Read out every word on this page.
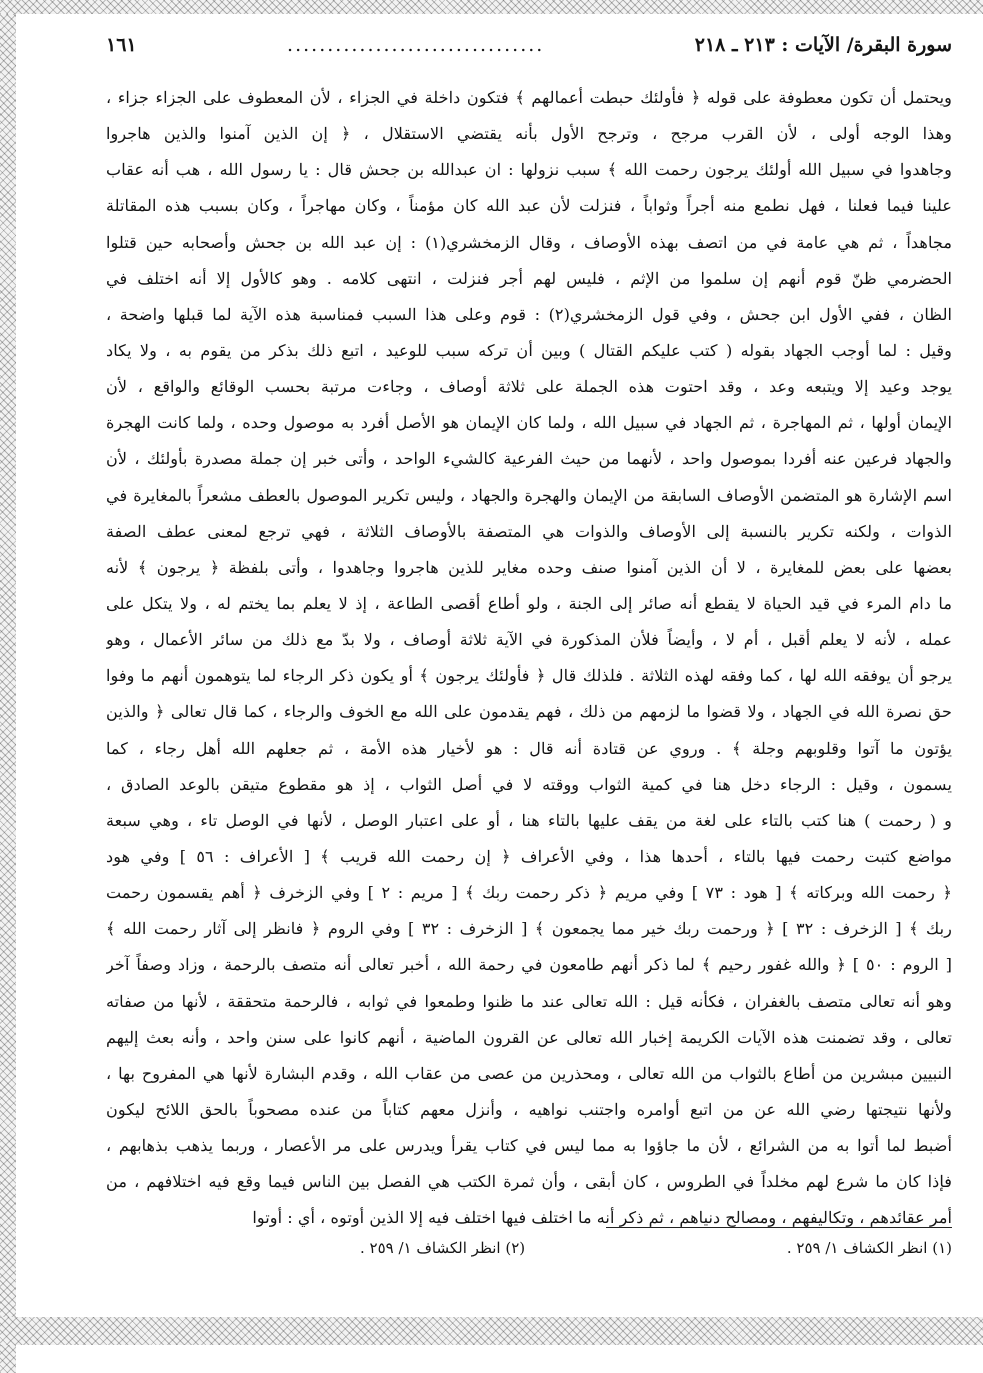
سورة البقرة/ الآيات : ٢١٣ ـ ٢١٨
................................
١٦١
ويحتمل أن تكون معطوفة على قوله ﴿ فأولئك حبطت أعمالهم ﴾ فتكون داخلة في الجزاء ، لأن المعطوف على الجزاء جزاء ،
وهذا الوجه أولى ، لأن القرب مرجح ، وترجح الأول بأنه يقتضي الاستقلال ، ﴿ إن الذين آمنوا والذين هاجروا
وجاهدوا في سبيل الله أولئك يرجون رحمت الله ﴾ سبب نزولها : ان عبدالله بن جحش قال : يا رسول الله ، هب أنه عقاب
علينا فيما فعلنا ، فهل نطمع منه أجراً وثواباً ، فنزلت لأن عبد الله كان مؤمناً ، وكان مهاجراً ، وكان بسبب هذه المقاتلة
مجاهداً ، ثم هي عامة في من اتصف بهذه الأوصاف ، وقال الزمخشري(١) : إن عبد الله بن جحش وأصحابه حين قتلوا
الحضرمي ظنّ قوم أنهم إن سلموا من الإثم ، فليس لهم أجر فنزلت ، انتهى كلامه . وهو كالأول إلا أنه اختلف في
الظان ، ففي الأول ابن جحش ، وفي قول الزمخشري(٢) : قوم وعلى هذا السبب فمناسبة هذه الآية لما قبلها واضحة ،
وقيل : لما أوجب الجهاد بقوله ( كتب عليكم القتال ) وبين أن تركه سبب للوعيد ، اتبع ذلك بذكر من يقوم به ، ولا يكاد
يوجد وعيد إلا ويتبعه وعد ، وقد احتوت هذه الجملة على ثلاثة أوصاف ، وجاءت مرتبة بحسب الوقائع والواقع ، لأن
الإيمان أولها ، ثم المهاجرة ، ثم الجهاد في سبيل الله ، ولما كان الإيمان هو الأصل أفرد به موصول وحده ، ولما كانت الهجرة
والجهاد فرعين عنه أفردا بموصول واحد ، لأنهما من حيث الفرعية كالشيء الواحد ، وأتى خبر إن جملة مصدرة بأولئك ، لأن
اسم الإشارة هو المتضمن الأوصاف السابقة من الإيمان والهجرة والجهاد ، وليس تكرير الموصول بالعطف مشعراً بالمغايرة في
الذوات ، ولكنه تكرير بالنسبة إلى الأوصاف والذوات هي المتصفة بالأوصاف الثلاثة ، فهي ترجع لمعنى عطف الصفة
بعضها على بعض للمغايرة ، لا أن الذين آمنوا صنف وحده مغاير للذين هاجروا وجاهدوا ، وأتى بلفظة ﴿ يرجون ﴾ لأنه
ما دام المرء في قيد الحياة لا يقطع أنه صائر إلى الجنة ، ولو أطاع أقصى الطاعة ، إذ لا يعلم بما يختم له ، ولا يتكل على
عمله ، لأنه لا يعلم أقبل ، أم لا ، وأيضاً فلأن المذكورة في الآية ثلاثة أوصاف ، ولا بدّ مع ذلك من سائر الأعمال ، وهو
يرجو أن يوفقه الله لها ، كما وفقه لهذه الثلاثة . فلذلك قال ﴿ فأولئك يرجون ﴾ أو يكون ذكر الرجاء لما يتوهمون أنهم ما وفوا
حق نصرة الله في الجهاد ، ولا قضوا ما لزمهم من ذلك ، فهم يقدمون على الله مع الخوف والرجاء ، كما قال تعالى ﴿ والذين
يؤتون ما آتوا وقلوبهم وجلة ﴾ . وروي عن قتادة أنه قال : هو لأخيار هذه الأمة ، ثم جعلهم الله أهل رجاء ، كما
يسمون ، وقيل : الرجاء دخل هنا في كمية الثواب ووقته لا في أصل الثواب ، إذ هو مقطوع متيقن بالوعد الصادق ،
و ( رحمت ) هنا كتب بالتاء على لغة من يقف عليها بالتاء هنا ، أو على اعتبار الوصل ، لأنها في الوصل تاء ، وهي سبعة
مواضع كتبت رحمت فيها بالتاء ، أحدها هذا ، وفي الأعراف ﴿ إن رحمت الله قريب ﴾ [ الأعراف : ٥٦ ] وفي هود
﴿ رحمت الله وبركاته ﴾ [ هود : ٧٣ ] وفي مريم ﴿ ذكر رحمت ربك ﴾ [ مريم : ٢ ] وفي الزخرف ﴿ أهم يقسمون رحمت
ربك ﴾ [ الزخرف : ٣٢ ] ﴿ ورحمت ربك خير مما يجمعون ﴾ [ الزخرف : ٣٢ ] وفي الروم ﴿ فانظر إلى آثار رحمت الله ﴾
[ الروم : ٥٠ ] ﴿ والله غفور رحيم ﴾ لما ذكر أنهم طامعون في رحمة الله ، أخبر تعالى أنه متصف بالرحمة ، وزاد وصفاً آخر
وهو أنه تعالى متصف بالغفران ، فكأنه قيل : الله تعالى عند ما ظنوا وطمعوا في ثوابه ، فالرحمة متحققة ، لأنها من صفاته
تعالى ، وقد تضمنت هذه الآيات الكريمة إخبار الله تعالى عن القرون الماضية ، أنهم كانوا على سنن واحد ، وأنه بعث إليهم
النبيين مبشرين من أطاع بالثواب من الله تعالى ، ومحذرين من عصى من عقاب الله ، وقدم البشارة لأنها هي المفروح بها ،
ولأنها نتيجتها رضي الله عن من اتبع أوامره واجتنب نواهيه ، وأنزل معهم كتاباً من عنده مصحوباً بالحق اللائح ليكون
أضبط لما أتوا به من الشرائع ، لأن ما جاؤوا به مما ليس في كتاب يقرأ ويدرس على مر الأعصار ، وربما يذهب بذهابهم ،
فإذا كان ما شرع لهم مخلداً في الطروس ، كان أبقى ، وأن ثمرة الكتب هي الفصل بين الناس فيما وقع فيه اختلافهم ، من
أمر عقائدهم ، وتكاليفهم ، ومصالح دنياهم ، ثم ذكر أنه ما اختلف فيها اختلف فيه إلا الذين أوتوه ، أي : أوتوا
(١) انظر الكشاف ١/ ٢٥٩ .
(٢) انظر الكشاف ١/ ٢٥٩ .
